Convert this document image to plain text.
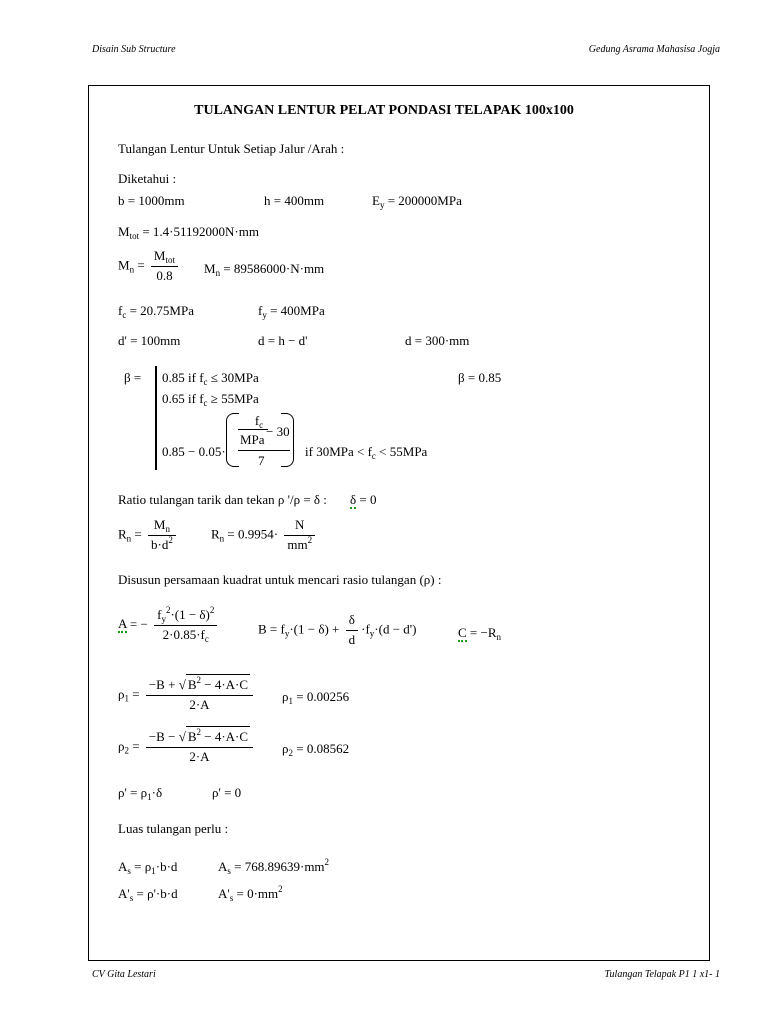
Disain Sub Structure	Gedung Asrama Mahasisa Jogja
CV Gita Lestari	Tulangan Telapak P1 1 x1- 1
TULANGAN LENTUR PELAT PONDASI TELAPAK 100x100
Tulangan Lentur Untuk Setiap Jalur /Arah :
Diketahui :
b = 1000mm	h = 400mm	$E_y = 200000MPa$
$M_{tot} = 1.4\cdot 51192000N\cdot mm$
$M_n = \frac{M_{tot}}{0.8} M_n = 89586000\cdot N\cdot mm$
$f_c = 20.75MPa$	$f_y = 400MPa$
d' = 100mm	d = h − d'	d = 300·mm
β = 0.85 if $f_c \le 30MPa$
0.65 if $f_c \ge 55MPa$
0.85 − 0.05·
$f_c$
MPa
− 30
7
if $30MPa < f_c < 55MPa$
β = 0.85
Ratio tulangan tarik dan tekan ρ '/ρ = δ : δ = 0
$R_n = \frac{M_n}{b\cdot d^2}$	$R_n = 0.9954\cdot \frac{N}{mm^2}$
Disusun persamaan kuadrat untuk mencari rasio tulangan (ρ) :
A = − $\frac{f_y^2\cdot(1 - \delta)^2}{2\cdot 0.85\cdot f_c}$	$B = f_y\cdot(1 - \delta) + \frac{\delta}{d} \cdot f_y\cdot(d - d')$	$C = -R_n$
$\rho_1 = \frac{-B + √ B^2 - 4\cdot A\cdot C}{2\cdot A} \rho_1 = 0.00256$
$\rho_2 = \frac{-B - √ B^2 - 4\cdot A\cdot C}{2\cdot A} \rho_2 = 0.08562$
$\rho' = \rho_1\cdot\delta$	ρ' = 0
Luas tulangan perlu :
$A_s = \rho_1\cdot b\cdot d$	$A_s = 768.89639\cdot mm^2$
$A'_s = \rho'\cdot b\cdot d$	$A'_s = 0\cdot mm^2$
